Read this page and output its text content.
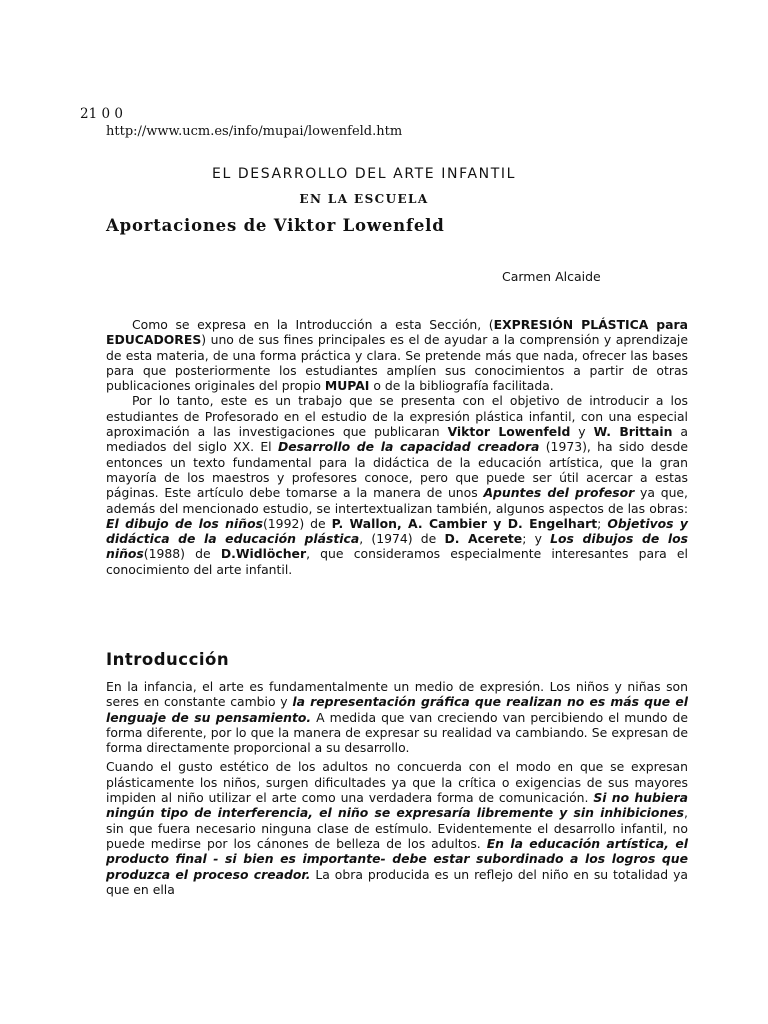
21 0 0
http://www.ucm.es/info/mupai/lowenfeld.htm
EL DESARROLLO DEL ARTE INFANTIL
EN LA ESCUELA
Aportaciones de Viktor Lowenfeld
Carmen Alcaide

Como se expresa en la Introducción a esta Sección, (EXPRESIÓN PLÁSTICA para EDUCADORES) uno de sus fines principales es el de ayudar a la comprensión y aprendizaje de esta materia, de una forma práctica y clara. Se pretende más que nada, ofrecer las bases para que posteriormente los estudiantes amplíen sus conocimientos a partir de otras publicaciones originales del propio MUPAI o de la bibliografía facilitada.

Por lo tanto, este es un trabajo que se presenta con el objetivo de introducir a los estudiantes de Profesorado en el estudio de la expresión plástica infantil, con una especial aproximación a las investigaciones que publicaran Viktor Lowenfeld y W. Brittain a mediados del siglo XX. El Desarrollo de la capacidad creadora (1973), ha sido desde entonces un texto fundamental para la didáctica de la educación artística, que la gran mayoría de los maestros y profesores conoce, pero que puede ser útil acercar a estas páginas. Este artículo debe tomarse a la manera de unos Apuntes del profesor ya que, además del mencionado estudio, se intertextualizan también, algunos aspectos de las obras: El dibujo de los niños(1992) de P. Wallon, A. Cambier y D. Engelhart; Objetivos y didáctica de la educación plástica, (1974) de D. Acerete; y Los dibujos de los niños(1988) de D.Widlöcher, que consideramos especialmente interesantes para el conocimiento del arte infantil.

Introducción

En la infancia, el arte es fundamentalmente un medio de expresión. Los niños y niñas son seres en constante cambio y la representación gráfica que realizan no es más que el lenguaje de su pensamiento. A medida que van creciendo van percibiendo el mundo de forma diferente, por lo que la manera de expresar su realidad va cambiando. Se expresan de forma directamente proporcional a su desarrollo.

Cuando el gusto estético de los adultos no concuerda con el modo en que se expresan plásticamente los niños, surgen dificultades ya que la crítica o exigencias de sus mayores impiden al niño utilizar el arte como una verdadera forma de comunicación. Si no hubiera ningún tipo de interferencia, el niño se expresaría libremente y sin inhibiciones, sin que fuera necesario ninguna clase de estímulo. Evidentemente el desarrollo infantil, no puede medirse por los cánones de belleza de los adultos. En la educación artística, el producto final - si bien es importante- debe estar subordinado a los logros que produzca el proceso creador. La obra producida es un reflejo del niño en su totalidad ya que en ella
